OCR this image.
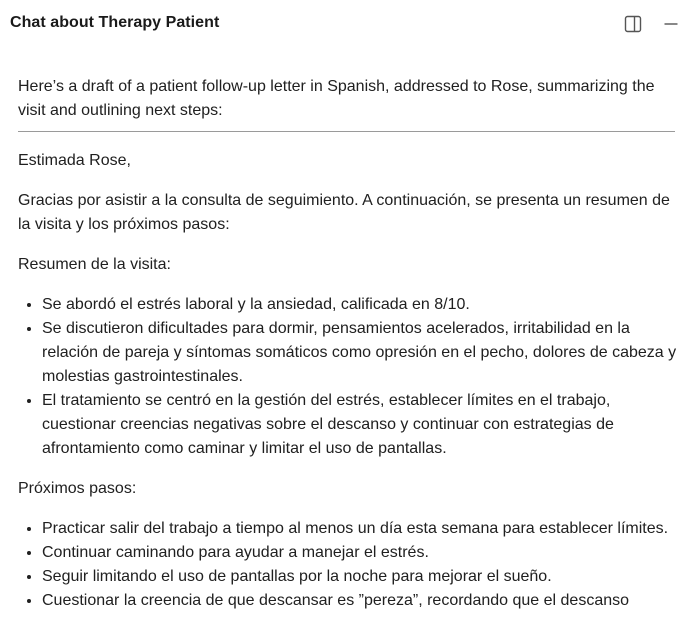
Chat about Therapy Patient

Here’s a draft of a patient follow-up letter in Spanish, addressed to Rose, summarizing the visit and outlining next steps:

Estimada Rose,

Gracias por asistir a la consulta de seguimiento. A continuación, se presenta un resumen de la visita y los próximos pasos:

Resumen de la visita:

• Se abordó el estrés laboral y la ansiedad, calificada en 8/10.
• Se discutieron dificultades para dormir, pensamientos acelerados, irritabilidad en la relación de pareja y síntomas somáticos como opresión en el pecho, dolores de cabeza y molestias gastrointestinales.
• El tratamiento se centró en la gestión del estrés, establecer límites en el trabajo, cuestionar creencias negativas sobre el descanso y continuar con estrategias de afrontamiento como caminar y limitar el uso de pantallas.

Próximos pasos:

• Practicar salir del trabajo a tiempo al menos un día esta semana para establecer límites.
• Continuar caminando para ayudar a manejar el estrés.
• Seguir limitando el uso de pantallas por la noche para mejorar el sueño.
• Cuestionar la creencia de que descansar es ”pereza”, recordando que el descanso
